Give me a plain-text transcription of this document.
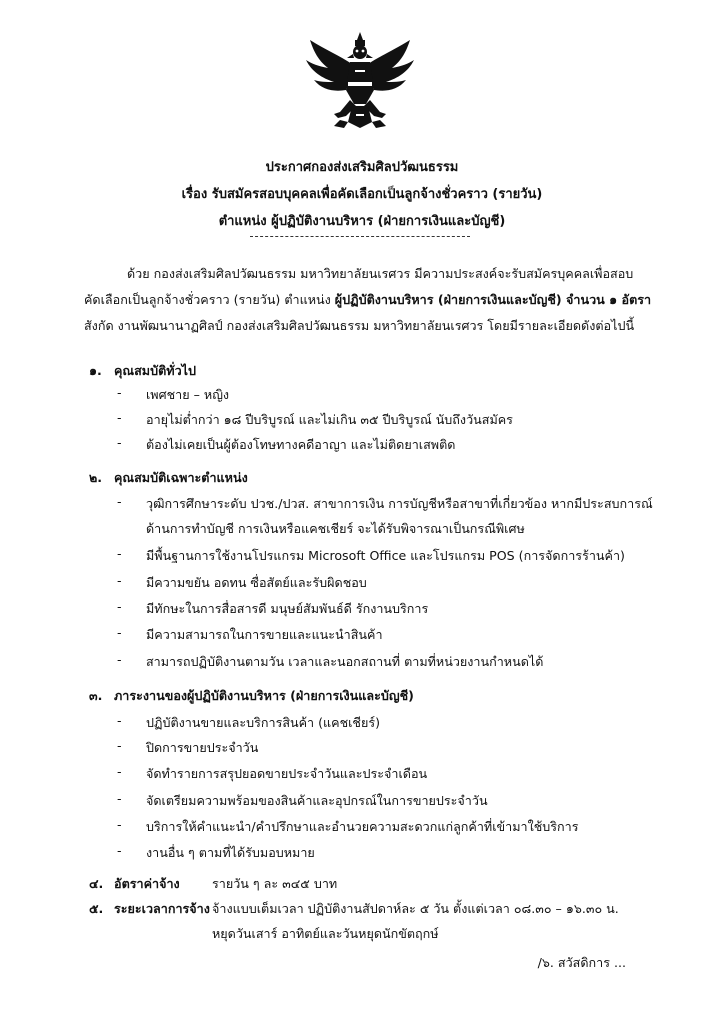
ประกาศกองส่งเสริมศิลปวัฒนธรรม
เรื่อง รับสมัครสอบบุคคลเพื่อคัดเลือกเป็นลูกจ้างชั่วคราว (รายวัน)
ตำแหน่ง ผู้ปฏิบัติงานบริหาร (ฝ่ายการเงินและบัญชี)
ด้วย กองส่งเสริมศิลปวัฒนธรรม มหาวิทยาลัยนเรศวร มีความประสงค์จะรับสมัครบุคคลเพื่อสอบ
คัดเลือกเป็นลูกจ้างชั่วคราว (รายวัน) ตำแหน่ง ผู้ปฏิบัติงานบริหาร (ฝ่ายการเงินและบัญชี) จำนวน ๑ อัตรา
สังกัด งานพัฒนานาฏศิลป์ กองส่งเสริมศิลปวัฒนธรรม มหาวิทยาลัยนเรศวร โดยมีรายละเอียดดังต่อไปนี้
๑. คุณสมบัติทั่วไป
- เพศชาย – หญิง
- อายุไม่ต่ำกว่า ๑๘ ปีบริบูรณ์ และไม่เกิน ๓๕ ปีบริบูรณ์ นับถึงวันสมัคร
- ต้องไม่เคยเป็นผู้ต้องโทษทางคดีอาญา และไม่ติดยาเสพติด
๒. คุณสมบัติเฉพาะตำแหน่ง
- วุฒิการศึกษาระดับ ปวช./ปวส. สาขาการเงิน การบัญชีหรือสาขาที่เกี่ยวข้อง หากมีประสบการณ์
ด้านการทำบัญชี การเงินหรือแคชเชียร์ จะได้รับพิจารณาเป็นกรณีพิเศษ
- มีพื้นฐานการใช้งานโปรแกรม Microsoft Office และโปรแกรม POS (การจัดการร้านค้า)
- มีความขยัน อดทน ซื่อสัตย์และรับผิดชอบ
- มีทักษะในการสื่อสารดี มนุษย์สัมพันธ์ดี รักงานบริการ
- มีความสามารถในการขายและแนะนำสินค้า
- สามารถปฏิบัติงานตามวัน เวลาและนอกสถานที่ ตามที่หน่วยงานกำหนดได้
๓. ภาระงานของผู้ปฏิบัติงานบริหาร (ฝ่ายการเงินและบัญชี)
- ปฏิบัติงานขายและบริการสินค้า (แคชเชียร์)
- ปิดการขายประจำวัน
- จัดทำรายการสรุปยอดขายประจำวันและประจำเดือน
- จัดเตรียมความพร้อมของสินค้าและอุปกรณ์ในการขายประจำวัน
- บริการให้คำแนะนำ/คำปรึกษาและอำนวยความสะดวกแก่ลูกค้าที่เข้ามาใช้บริการ
- งานอื่น ๆ ตามที่ได้รับมอบหมาย
๔. อัตราค่าจ้าง	รายวัน ๆ ละ ๓๔๕ บาท
๕. ระยะเวลาการจ้าง จ้างแบบเต็มเวลา ปฏิบัติงานสัปดาห์ละ ๕ วัน ตั้งแต่เวลา ๐๘.๓๐ – ๑๖.๓๐ น.
หยุดวันเสาร์ อาทิตย์และวันหยุดนักขัตฤกษ์
/๖. สวัสดิการ ...
